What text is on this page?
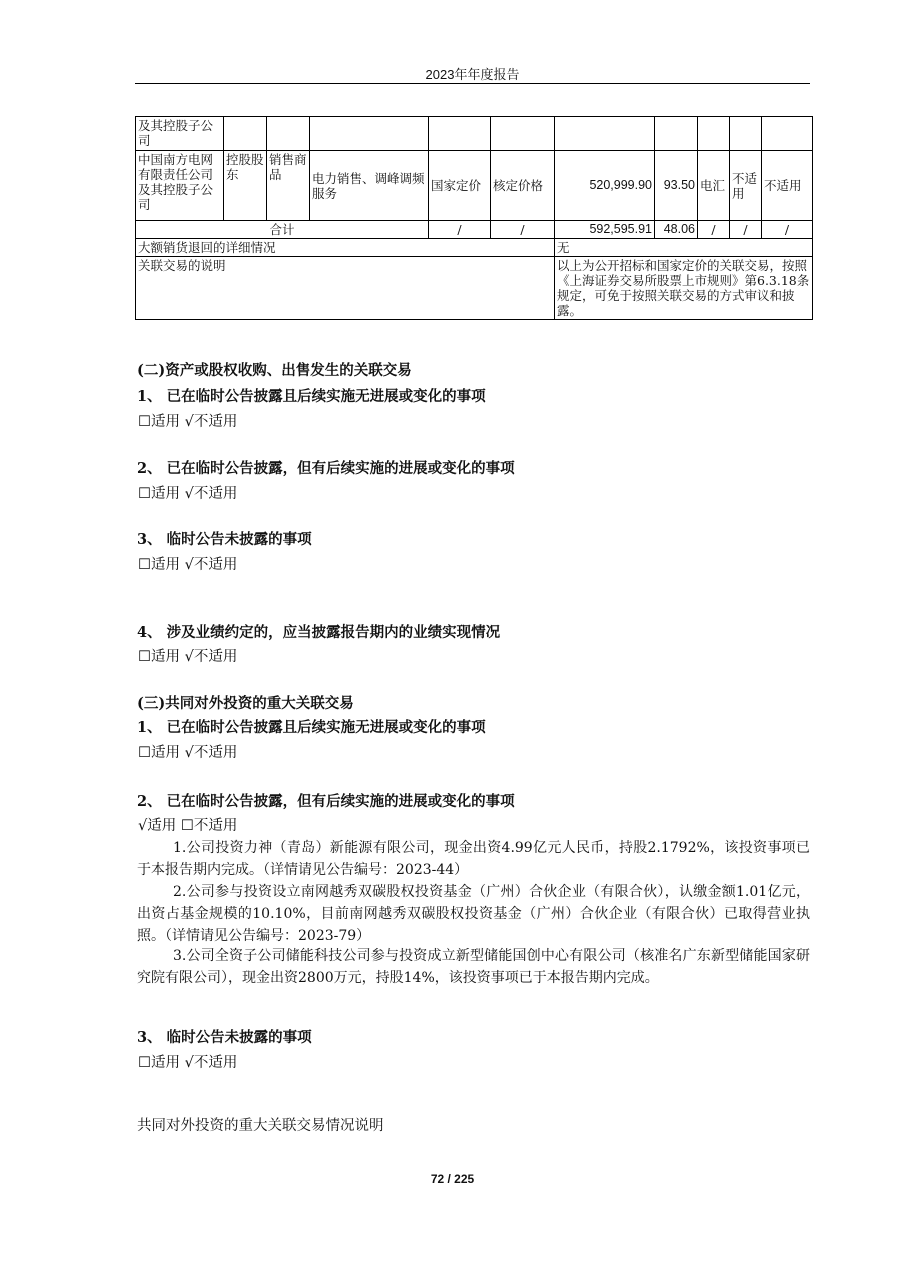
2023年年度报告
及其控股子公司										
中国南方电网有限责任公司及其控股子公司	控股股东	销售商品	电力销售、调峰调频服务	国家定价	核定价格	520,999.90	93.50	电汇	不适用	不适用
合计				/	/	592,595.91	48.06	/	/	/
大额销货退回的详细情况						无				
关联交易的说明						以上为公开招标和国家定价的关联交易，按照《上海证券交易所股票上市规则》第6.3.18条规定，可免于按照关联交易的方式审议和披露。				
(二)资产或股权收购、出售发生的关联交易
1、 已在临时公告披露且后续实施无进展或变化的事项
☐适用 √不适用
2、 已在临时公告披露，但有后续实施的进展或变化的事项
☐适用 √不适用
3、 临时公告未披露的事项
☐适用 √不适用
4、 涉及业绩约定的，应当披露报告期内的业绩实现情况
☐适用 √不适用
(三)共同对外投资的重大关联交易
1、 已在临时公告披露且后续实施无进展或变化的事项
☐适用 √不适用
2、 已在临时公告披露，但有后续实施的进展或变化的事项
√适用 ☐不适用
1.公司投资力神（青岛）新能源有限公司，现金出资4.99亿元人民币，持股2.1792%，该投资事项已于本报告期内完成。（详情请见公告编号：2023-44）
2.公司参与投资设立南网越秀双碳股权投资基金（广州）合伙企业（有限合伙），认缴金额1.01亿元，出资占基金规模的10.10%，目前南网越秀双碳股权投资基金（广州）合伙企业（有限合伙）已取得营业执照。（详情请见公告编号：2023-79）
3.公司全资子公司储能科技公司参与投资成立新型储能国创中心有限公司（核准名广东新型储能国家研究院有限公司），现金出资2800万元，持股14%，该投资事项已于本报告期内完成。
3、 临时公告未披露的事项
☐适用 √不适用
共同对外投资的重大关联交易情况说明
72 / 225
